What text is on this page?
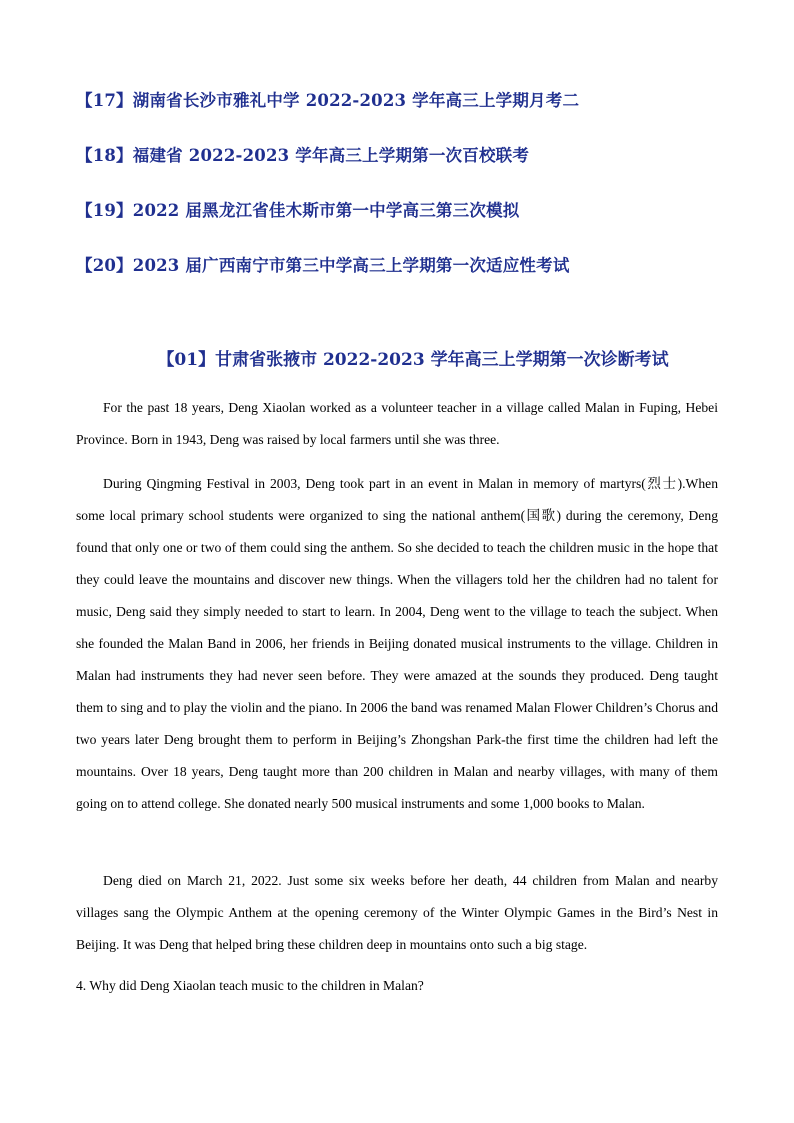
【17】湖南省长沙市雅礼中学 2022-2023 学年高三上学期月考二
【18】福建省 2022-2023 学年高三上学期第一次百校联考
【19】2022 届黑龙江省佳木斯市第一中学高三第三次模拟
【20】2023 届广西南宁市第三中学高三上学期第一次适应性考试
【01】甘肃省张掖市 2022-2023 学年高三上学期第一次诊断考试

For the past 18 years, Deng Xiaolan worked as a volunteer teacher in a village called Malan in Fuping, Hebei Province. Born in 1943, Deng was raised by local farmers until she was three.

During Qingming Festival in 2003, Deng took part in an event in Malan in memory of martyrs(烈士).When some local primary school students were organized to sing the national anthem(国歌) during the ceremony, Deng found that only one or two of them could sing the anthem. So she decided to teach the children music in the hope that they could leave the mountains and discover new things. When the villagers told her the children had no talent for music, Deng said they simply needed to start to learn. In 2004, Deng went to the village to teach the subject. When she founded the Malan Band in 2006, her friends in Beijing donated musical instruments to the village. Children in Malan had instruments they had never seen before. They were amazed at the sounds they produced. Deng taught them to sing and to play the violin and the piano. In 2006 the band was renamed Malan Flower Children’s Chorus and two years later Deng brought them to perform in Beijing’s Zhongshan Park-the first time the children had left the mountains. Over 18 years, Deng taught more than 200 children in Malan and nearby villages, with many of them going on to attend college. She donated nearly 500 musical instruments and some 1,000 books to Malan.

Deng died on March 21, 2022. Just some six weeks before her death, 44 children from Malan and nearby villages sang the Olympic Anthem at the opening ceremony of the Winter Olympic Games in the Bird’s Nest in Beijing. It was Deng that helped bring these children deep in mountains onto such a big stage.

4. Why did Deng Xiaolan teach music to the children in Malan?
